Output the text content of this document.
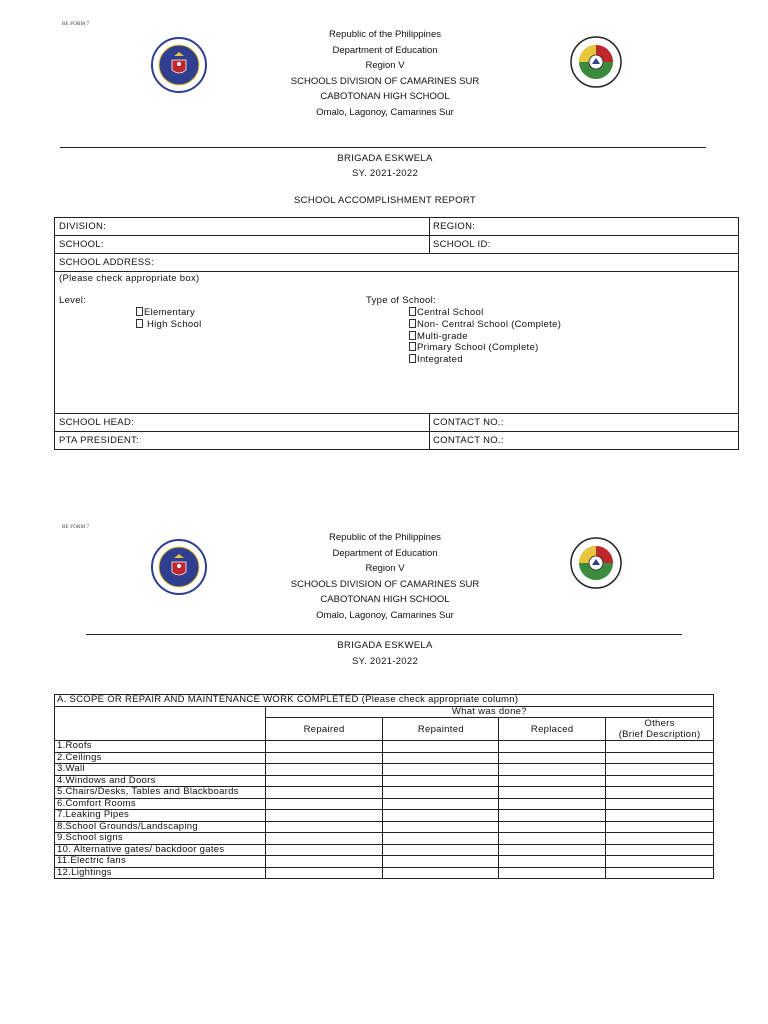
BE FORM 7
Republic of the Philippines
Department of Education
Region V
SCHOOLS DIVISION OF CAMARINES SUR
CABOTONAN HIGH SCHOOL
Omalo, Lagonoy, Camarines Sur
BRIGADA ESKWELA
SY. 2021-2022
SCHOOL ACCOMPLISHMENT REPORT
DIVISION:	REGION:
SCHOOL:	SCHOOL ID:
SCHOOL ADDRESS:
(Please check appropriate box)
Level:
Elementary
High School
Type of School:
Central School
Non- Central School (Complete)
Multi-grade
Primary School (Complete)
Integrated
SCHOOL HEAD:	CONTACT NO.:
PTA PRESIDENT:	CONTACT NO.:
BE FORM 7
Republic of the Philippines
Department of Education
Region V
SCHOOLS DIVISION OF CAMARINES SUR
CABOTONAN HIGH SCHOOL
Omalo, Lagonoy, Camarines Sur
BRIGADA ESKWELA
SY. 2021-2022
A. SCOPE OR REPAIR AND MAINTENANCE WORK COMPLETED (Please check appropriate column)				
	What was done?			
	Repaired	Repainted	Replaced	Others
(Brief Description)
1.Roofs				
2.Ceilings				
3.Wall				
4.Windows and Doors				
5.Chairs/Desks, Tables and Blackboards				
6.Comfort Rooms				
7.Leaking Pipes				
8.School Grounds/Landscaping				
9.School signs				
10. Alternative gates/ backdoor gates				
11.Electric fans				
12.Lightings				
